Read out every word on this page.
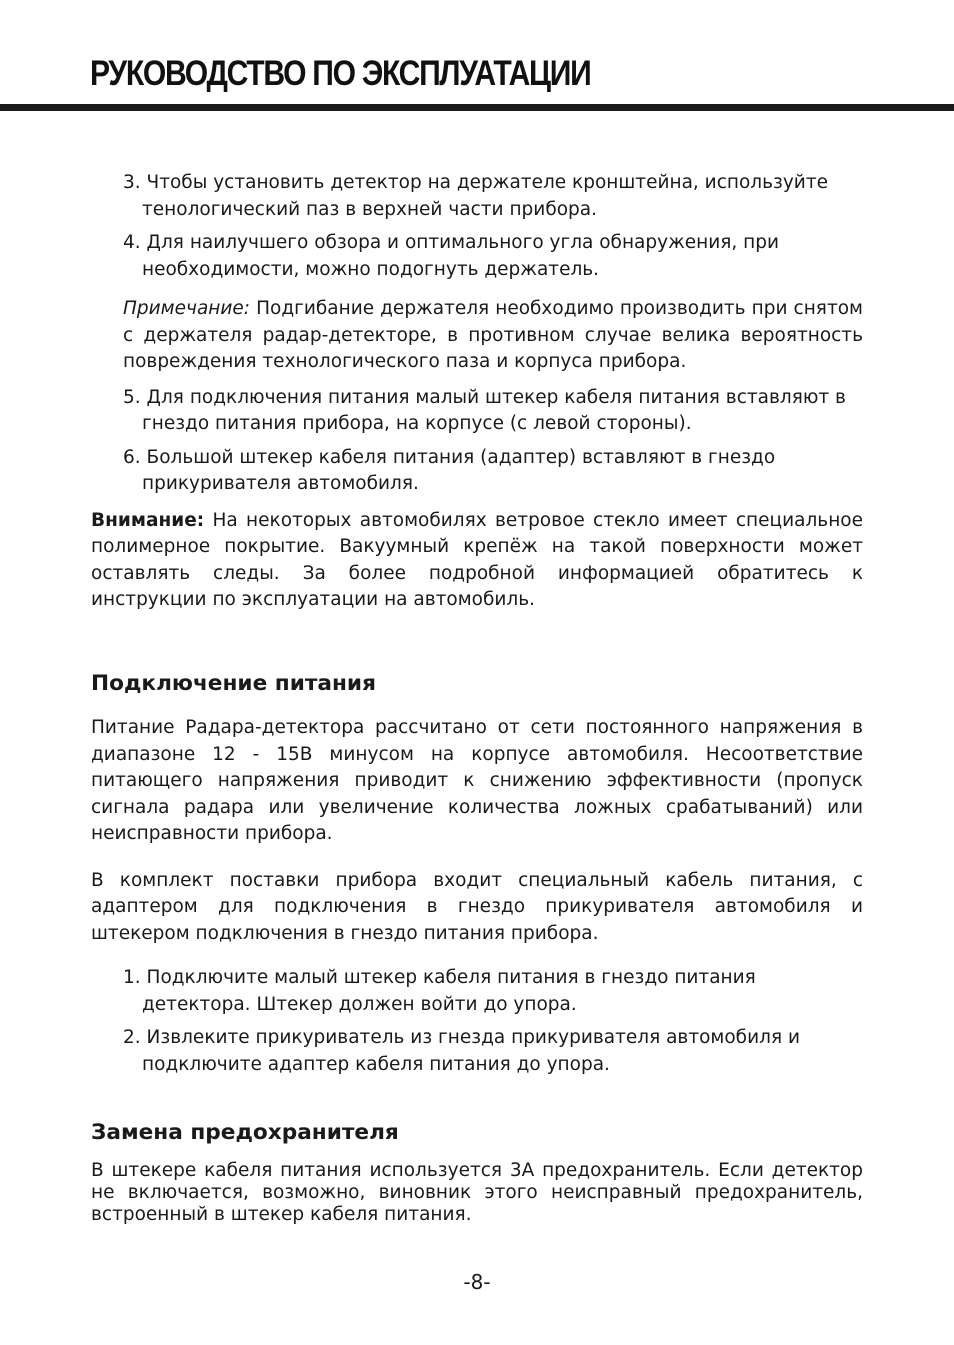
РУКОВОДСТВО ПО ЭКСПЛУАТАЦИИ

3. Чтобы установить детектор на держателе кронштейна, используйте тенологический паз в верхней части прибора.

4. Для наилучшего обзора и оптимального угла обнаружения, при необходимости, можно подогнуть держатель.

Примечание: Подгибание держателя необходимо производить при снятом с держателя радар-детекторе, в противном случае велика вероятность повреждения технологического паза и корпуса прибора.

5. Для подключения питания малый штекер кабеля питания вставляют в гнездо питания прибора, на корпусе (с левой стороны).

6. Большой штекер кабеля питания (адаптер) вставляют в гнездо прикуривателя автомобиля.

Внимание: На некоторых автомобилях ветровое стекло имеет специальное полимерное покрытие. Вакуумный крепёж на такой поверхности может оставлять следы. За более подробной информацией обратитесь к инструкции по эксплуатации на автомобиль.

Подключение питания

Питание Радара-детектора рассчитано от сети постоянного напряжения в диапазоне 12 - 15В минусом на корпусе автомобиля. Несоответствие питающего напряжения приводит к снижению эффективности (пропуск сигнала радара или увеличение количества ложных срабатываний) или неисправности прибора.

В комплект поставки прибора входит специальный кабель питания, с адаптером для подключения в гнездо прикуривателя автомобиля и штекером подключения в гнездо питания прибора.

1. Подключите малый штекер кабеля питания в гнездо питания детектора. Штекер должен войти до упора.

2. Извлеките прикуриватель из гнезда прикуривателя автомобиля и подключите адаптер кабеля питания до упора.

Замена предохранителя

В штекере кабеля питания используется 3А предохранитель. Если детектор не включается, возможно, виновник этого неисправный предохранитель, встроенный в штекер кабеля питания.

-8-
